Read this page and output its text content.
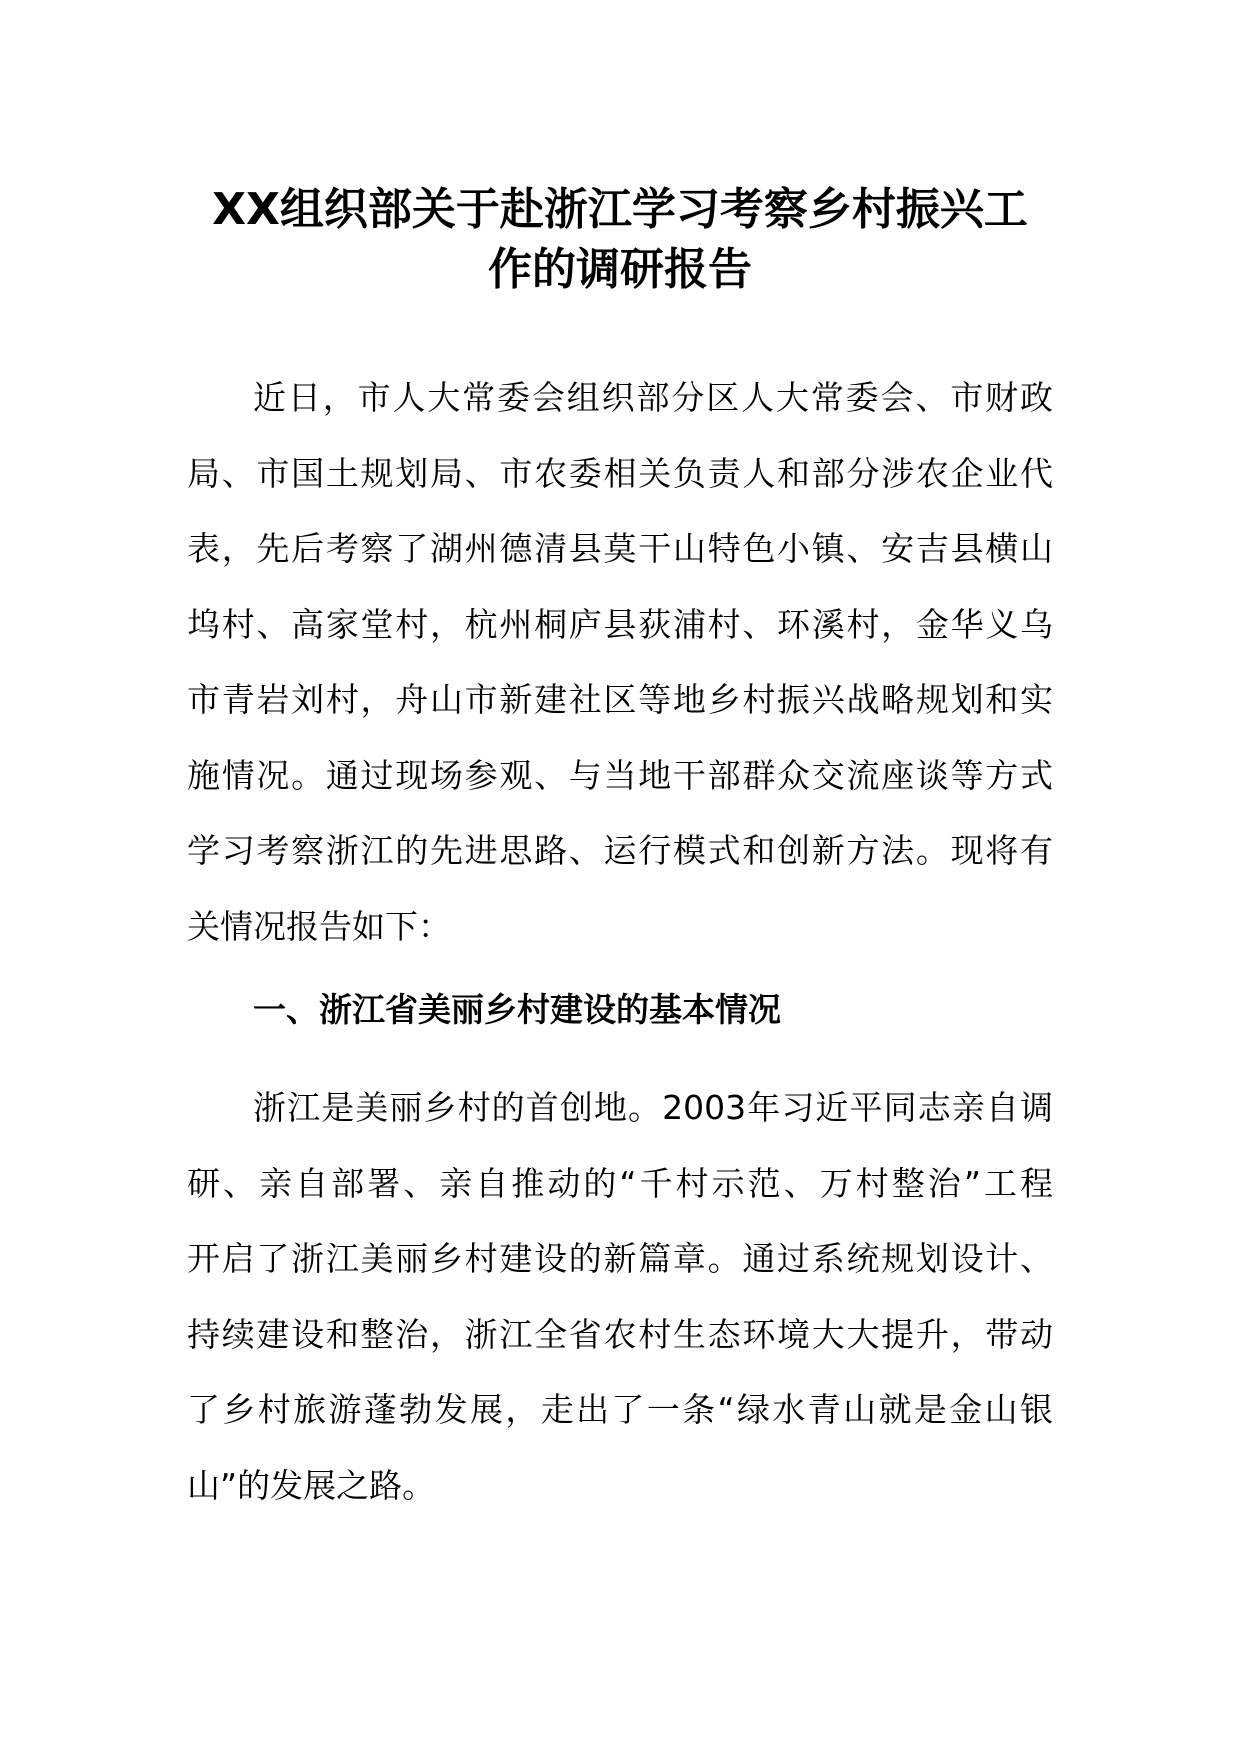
XX组织部关于赴浙江学习考察乡村振兴工
作的调研报告
近日，市人大常委会组织部分区人大常委会、市财政
局、市国土规划局、市农委相关负责人和部分涉农企业代
表，先后考察了湖州德清县莫干山特色小镇、安吉县横山
坞村、高家堂村，杭州桐庐县荻浦村、环溪村，金华义乌
市青岩刘村，舟山市新建社区等地乡村振兴战略规划和实
施情况。通过现场参观、与当地干部群众交流座谈等方式
学习考察浙江的先进思路、运行模式和创新方法。现将有
关情况报告如下：
一、浙江省美丽乡村建设的基本情况
浙江是美丽乡村的首创地。2003年习近平同志亲自调
研、亲自部署、亲自推动的“千村示范、万村整治”工程
开启了浙江美丽乡村建设的新篇章。通过系统规划设计、
持续建设和整治，浙江全省农村生态环境大大提升，带动
了乡村旅游蓬勃发展，走出了一条“绿水青山就是金山银
山”的发展之路。
